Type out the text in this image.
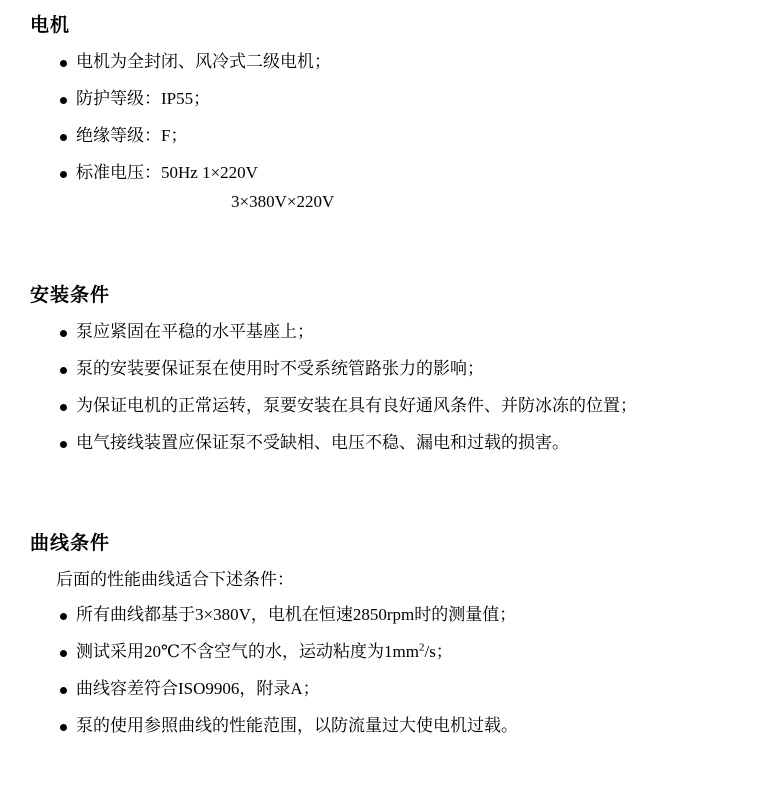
电机
电机为全封闭、风冷式二级电机；
防护等级：IP55；
绝缘等级：F；
标准电压：50Hz 1×220V
3×380V×220V
安装条件
泵应紧固在平稳的水平基座上；
泵的安装要保证泵在使用时不受系统管路张力的影响；
为保证电机的正常运转，泵要安装在具有良好通风条件、并防冰冻的位置；
电气接线装置应保证泵不受缺相、电压不稳、漏电和过载的损害。
曲线条件

后面的性能曲线适合下述条件：

所有曲线都基于3×380V，电机在恒速2850rpm时的测量值；
测试采用20℃不含空气的水，运动粘度为$1mm^2/s$；
曲线容差符合ISO9906，附录A；
泵的使用参照曲线的性能范围，以防流量过大使电机过载。
